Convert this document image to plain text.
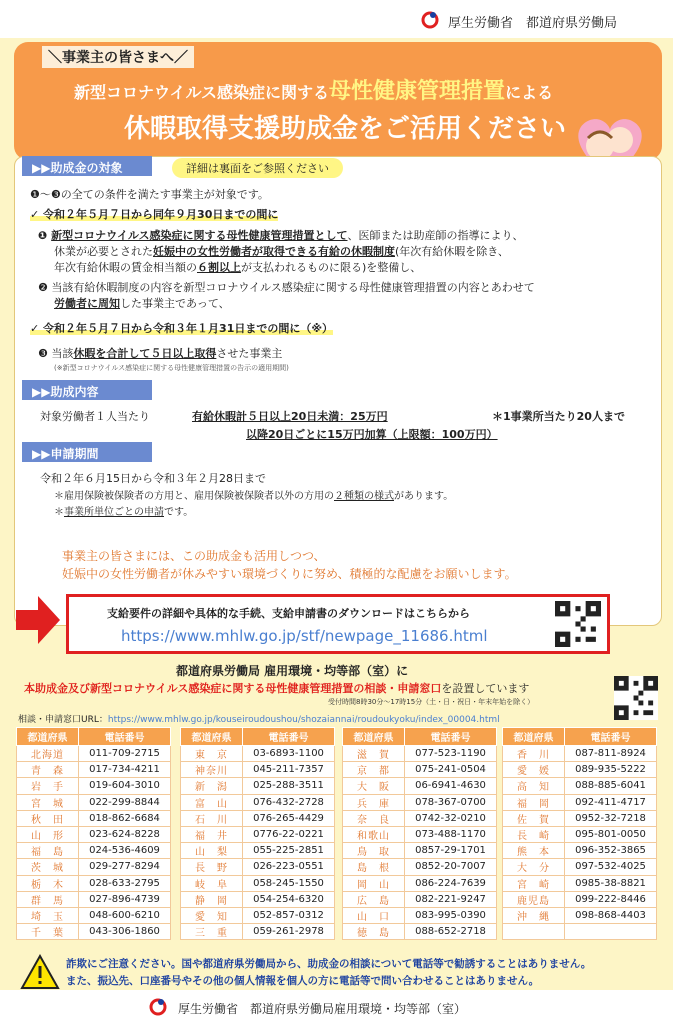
厚生労働省　都道府県労働局
＼事業主の皆さまへ／
新型コロナウイルス感染症に関する母性健康管理措置による
休暇取得支援助成金をご活用ください
▶▶助成金の対象	詳細は裏面をご参照ください
❶～❸の全ての条件を満たす事業主が対象です。
✓ 令和２年５月７日から同年９月30日までの間に
❶ 新型コロナウイルス感染症に関する母性健康管理措置として、医師または助産師の指導により、
休業が必要とされた妊娠中の女性労働者が取得できる有給の休暇制度(年次有給休暇を除き、
年次有給休暇の賃金相当額の６割以上が支払われるものに限る)を整備し、
❷ 当該有給休暇制度の内容を新型コロナウイルス感染症に関する母性健康管理措置の内容とあわせて
労働者に周知した事業主であって、
✓ 令和２年５月７日から令和３年１月31日までの間に（※）
❸ 当該休暇を合計して５日以上取得させた事業主
(※新型コロナウイルス感染症に関する母性健康管理措置の告示の適用期間)
▶▶助成内容
対象労働者１人当たり	有給休暇計５日以上20日未満：25万円	＊1事業所当たり20人まで
以降20日ごとに15万円加算（上限額：100万円）
▶▶申請期間
令和２年６月15日から令和３年２月28日まで
＊雇用保険被保険者の方用と、雇用保険被保険者以外の方用の２種類の様式があります。
＊事業所単位ごとの申請です。
事業主の皆さまには、この助成金も活用しつつ、
妊娠中の女性労働者が休みやすい環境づくりに努め、積極的な配慮をお願いします。
支給要件の詳細や具体的な手続、支給申請書のダウンロードはこちらから
https://www.mhlw.go.jp/stf/newpage_11686.html
都道府県労働局 雇用環境・均等部（室）に
本助成金及び新型コロナウイルス感染症に関する母性健康管理措置の相談・申請窓口を設置しています
受付時間8時30分～17時15分（土・日・祝日・年末年始を除く）
相談・申請窓口URL：https://www.mhlw.go.jp/kouseiroudoushou/shozaiannai/roudoukyoku/index_00004.html
都道府県	電話番号
北海道	011-709-2715
青　森	017-734-4211
岩　手	019-604-3010
宮　城	022-299-8844
秋　田	018-862-6684
山　形	023-624-8228
福　島	024-536-4609
茨　城	029-277-8294
栃　木	028-633-2795
群　馬	027-896-4739
埼　玉	048-600-6210
千　葉	043-306-1860
都道府県	電話番号
東　京	03-6893-1100
神奈川	045-211-7357
新　潟	025-288-3511
富　山	076-432-2728
石　川	076-265-4429
福　井	0776-22-0221
山　梨	055-225-2851
長　野	026-223-0551
岐　阜	058-245-1550
静　岡	054-254-6320
愛　知	052-857-0312
三　重	059-261-2978
都道府県	電話番号
滋　賀	077-523-1190
京　都	075-241-0504
大　阪	06-6941-4630
兵　庫	078-367-0700
奈　良	0742-32-0210
和歌山	073-488-1170
鳥　取	0857-29-1701
島　根	0852-20-7007
岡　山	086-224-7639
広　島	082-221-9247
山　口	083-995-0390
徳　島	088-652-2718
都道府県	電話番号
香　川	087-811-8924
愛　媛	089-935-5222
高　知	088-885-6041
福　岡	092-411-4717
佐　賀	0952-32-7218
長　崎	095-801-0050
熊　本	096-352-3865
大　分	097-532-4025
宮　崎	0985-38-8821
鹿児島	099-222-8446
沖　縄	098-868-4403

詐欺にご注意ください。国や都道府県労働局から、助成金の相談について電話等で勧誘することはありません。
また、振込先、口座番号やその他の個人情報を個人の方に電話等で問い合わせることはありません。
厚生労働省　都道府県労働局雇用環境・均等部（室）
